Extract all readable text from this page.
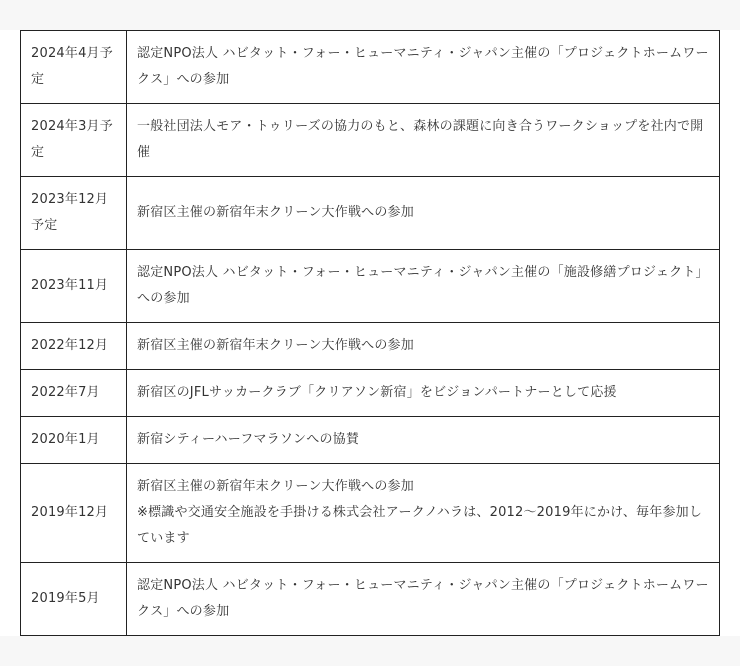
2024年4月予定	認定NPO法人 ハビタット・フォー・ヒューマニティ・ジャパン主催の「プロジェクトホームワークス」への参加

2024年3月予定	一般社団法人モア・トゥリーズの協力のもと、森林の課題に向き合うワークショップを社内で開催

2023年12月予定	新宿区主催の新宿年末クリーン大作戦への参加

2023年11月	認定NPO法人 ハビタット・フォー・ヒューマニティ・ジャパン主催の「施設修繕プロジェクト」への参加

2022年12月	新宿区主催の新宿年末クリーン大作戦への参加

2022年7月	新宿区のJFLサッカークラブ「クリアソン新宿」をビジョンパートナーとして応援

2020年1月	新宿シティーハーフマラソンへの協賛

2019年12月	新宿区主催の新宿年末クリーン大作戦への参加
※標識や交通安全施設を手掛ける株式会社アークノハラは、2012～2019年にかけ、毎年参加しています

2019年5月	認定NPO法人 ハビタット・フォー・ヒューマニティ・ジャパン主催の「プロジェクトホームワークス」への参加
